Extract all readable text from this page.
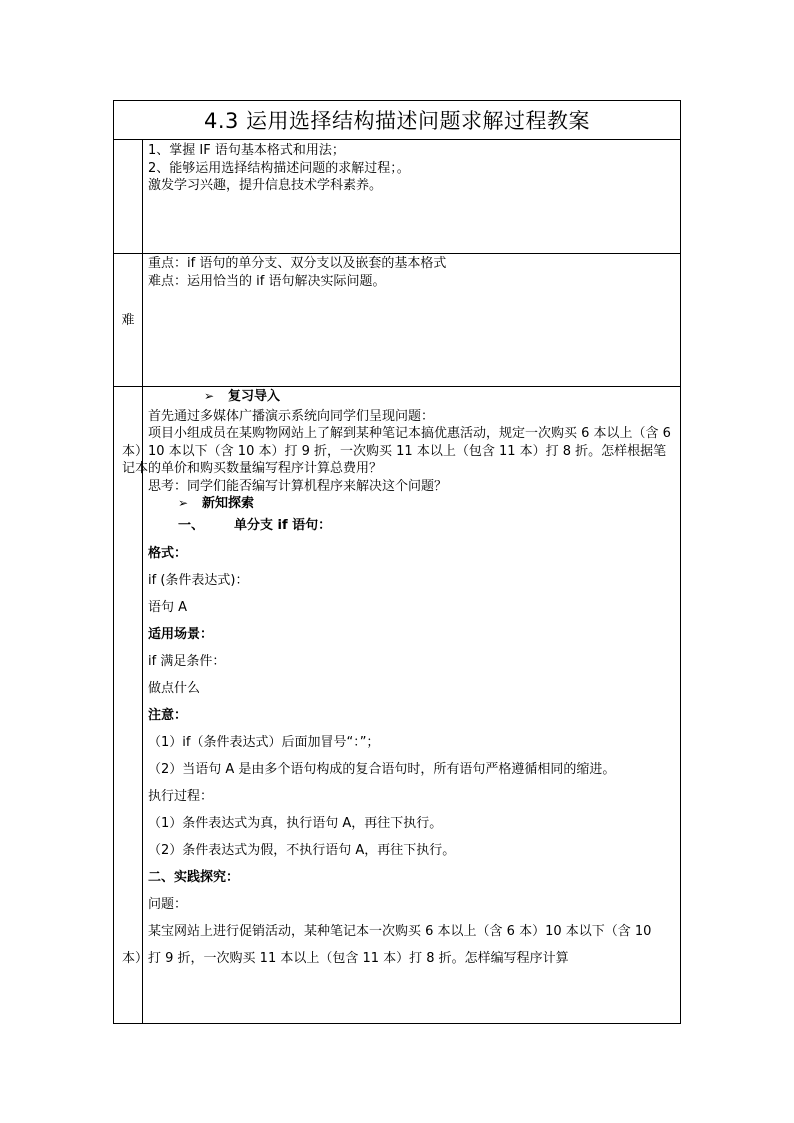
4.3 运用选择结构描述问题求解过程教案

1、掌握 IF 语句基本格式和用法；

2、能够运用选择结构描述问题的求解过程；。

激发学习兴趣，提升信息技术学科素养。

难

重点：if 语句的单分支、双分支以及嵌套的基本格式

难点：运用恰当的 if 语句解决实际问题。

➢ 复习导入

首先通过多媒体广播演示系统向同学们呈现问题：

项目小组成员在某购物网站上了解到某种笔记本搞优惠活动，规定一次购买 6 本以上（含 6 本）10 本以下（含 10 本）打 9 折，一次购买 11 本以上（包含 11 本）打 8 折。怎样根据笔记本的单价和购买数量编写程序计算总费用？

思考：同学们能否编写计算机程序来解决这个问题？

➢ 新知探索

一、 单分支 if 语句：

格式：

if (条件表达式)：

语句 A

适用场景：

if 满足条件：

做点什么

注意：

（1）if（条件表达式）后面加冒号“：”；

（2）当语句 A 是由多个语句构成的复合语句时，所有语句严格遵循相同的缩进。

执行过程：

（1）条件表达式为真，执行语句 A，再往下执行。

（2）条件表达式为假，不执行语句 A，再往下执行。

二、实践探究：

问题：

某宝网站上进行促销活动，某种笔记本一次购买 6 本以上（含 6 本）10 本以下（含 10 本）打 9 折，一次购买 11 本以上（包含 11 本）打 8 折。怎样编写程序计算
